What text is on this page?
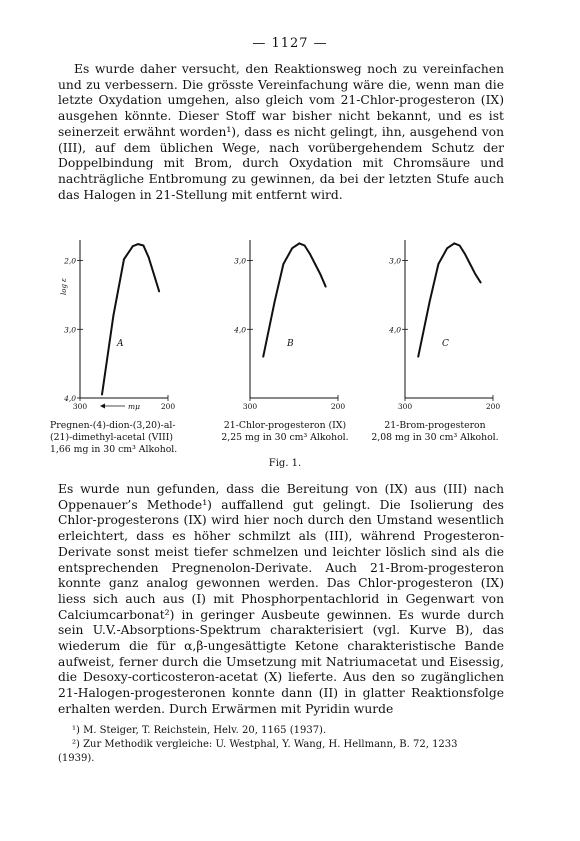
— 1127 —
Es wurde daher versucht, den Reaktionsweg noch zu vereinfachen und zu verbessern. Die grösste Vereinfachung wäre die, wenn man die letzte Oxydation umgehen, also gleich vom 21-Chlor-progesteron (IX) ausgehen könnte. Dieser Stoff war bisher nicht bekannt, und es ist seinerzeit erwähnt worden¹), dass es nicht gelingt, ihn, ausgehend von (III), auf dem üblichen Wege, nach vorübergehendem Schutz der Doppelbindung mit Brom, durch Oxydation mit Chromsäure und nachträgliche Entbromung zu gewinnen, da bei der letzten Stufe auch das Halogen in 21-Stellung mit entfernt wird.
4,0
3,0
2,0
300	200
A
4,0
3,0
300	200
B
4,0
3,0
300	200
C
log ε
mμ
Pregnen-(4)-dion-(3,20)-al-
(21)-dimethyl-acetal (VIII)
1,66 mg in 30 cm³ Alkohol.
21-Chlor-progesteron (IX)
2,25 mg in 30 cm³ Alkohol.
21-Brom-progesteron
2,08 mg in 30 cm³ Alkohol.
Fig. 1.
Es wurde nun gefunden, dass die Bereitung von (IX) aus (III) nach Oppenauer’s Methode¹) auffallend gut gelingt. Die Isolierung des Chlor-progesterons (IX) wird hier noch durch den Umstand wesentlich erleichtert, dass es höher schmilzt als (III), während Progesteron-Derivate sonst meist tiefer schmelzen und leichter löslich sind als die entsprechenden Pregnenolon-Derivate. Auch 21-Brom-progesteron konnte ganz analog gewonnen werden. Das Chlor-progesteron (IX) liess sich auch aus (I) mit Phosphorpentachlorid in Gegenwart von Calciumcarbonat²) in geringer Ausbeute gewinnen. Es wurde durch sein U.V.-Absorptions-Spektrum charakterisiert (vgl. Kurve B), das wiederum die für α,β-ungesättigte Ketone charakteristische Bande aufweist, ferner durch die Umsetzung mit Natriumacetat und Eisessig, die Desoxy-corticosteron-acetat (X) lieferte. Aus den so zugänglichen 21-Halogen-progesteronen konnte dann (II) in glatter Reaktionsfolge erhalten werden. Durch Erwärmen mit Pyridin wurde

¹) M. Steiger, T. Reichstein, Helv. 20, 1165 (1937).

²) Zur Methodik vergleiche: U. Westphal, Y. Wang, H. Hellmann, B. 72, 1233

(1939).
